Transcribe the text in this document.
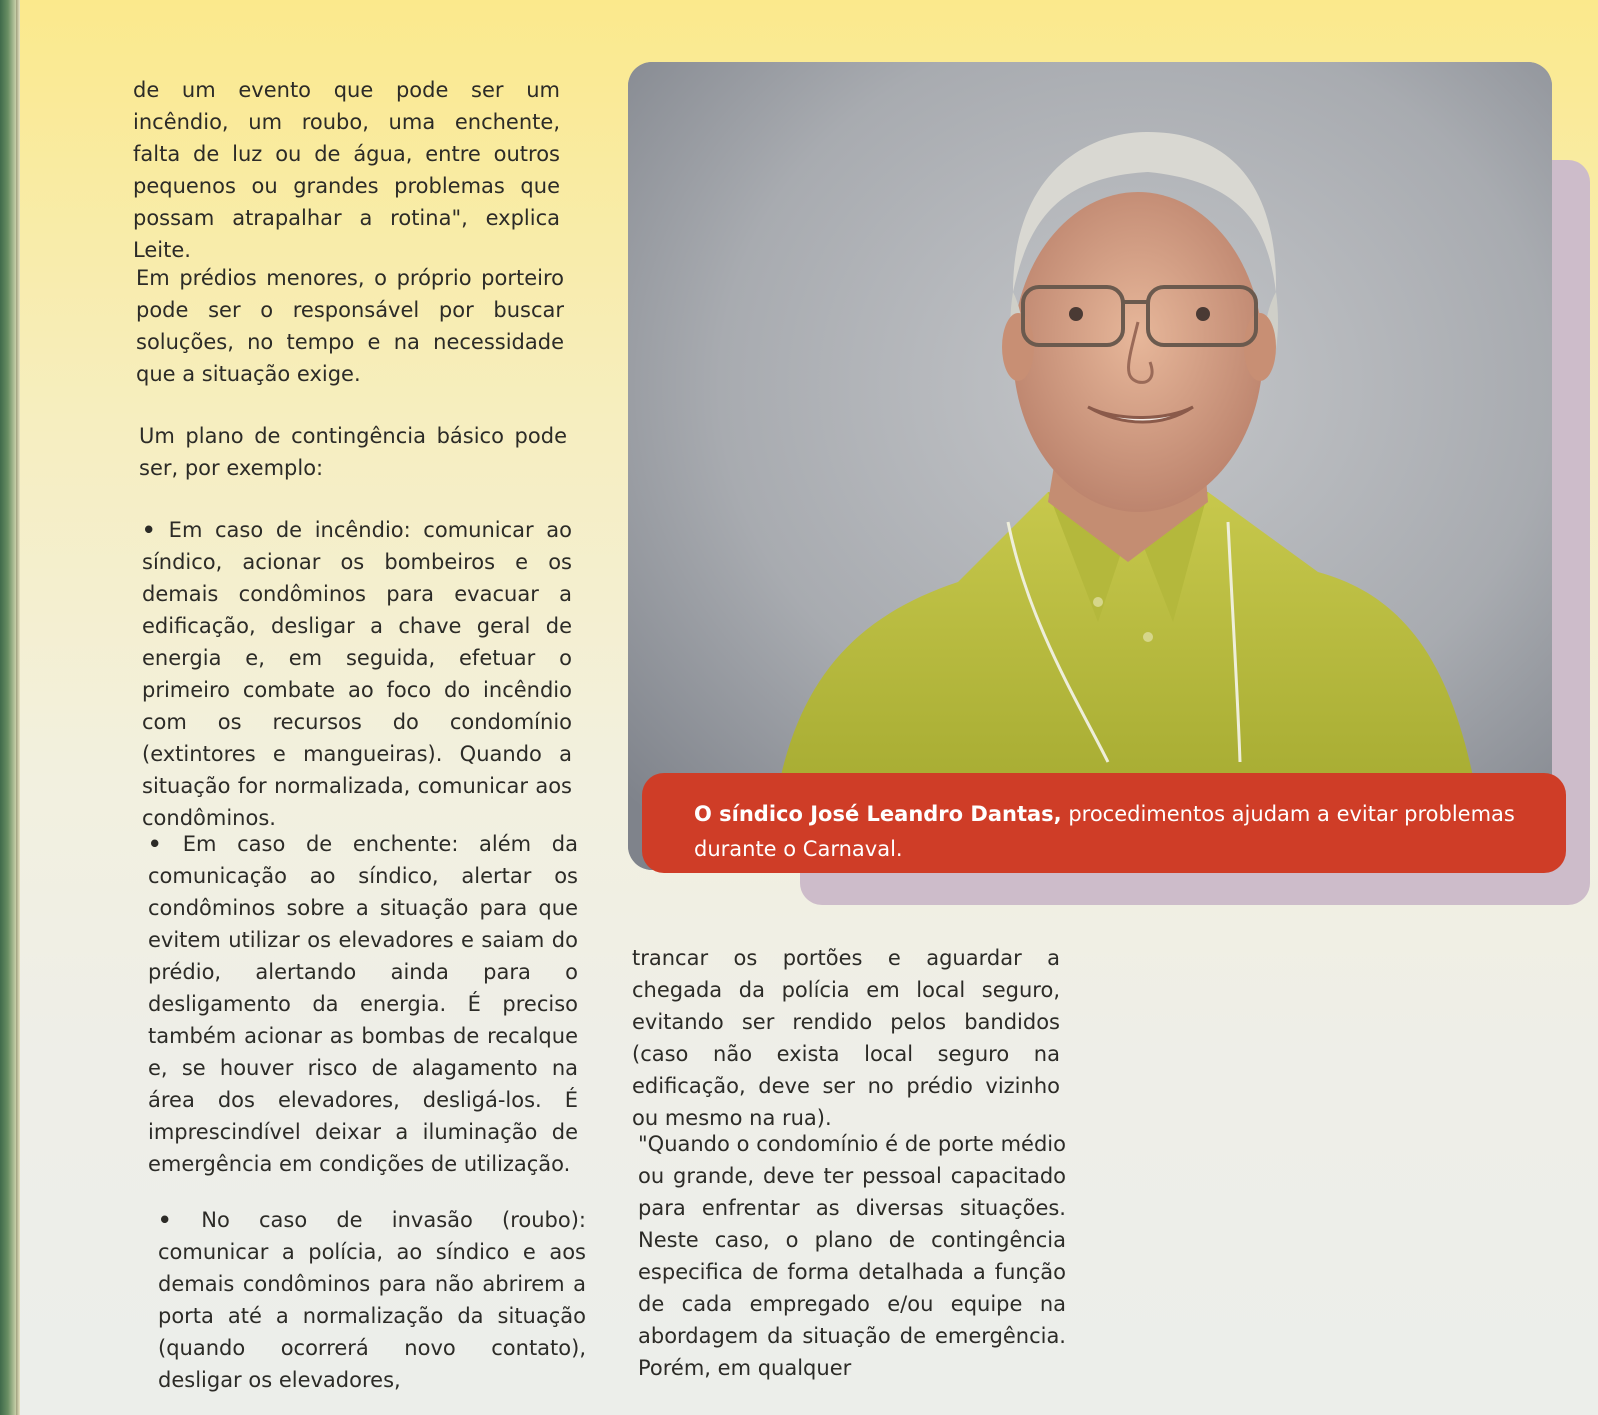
de um evento que pode ser um incêndio, um roubo, uma enchente, falta de luz ou de água, entre outros pequenos ou grandes problemas que possam atrapalhar a rotina", explica Leite.

Em prédios menores, o próprio porteiro pode ser o responsável por buscar soluções, no tempo e na necessidade que a situação exige.

Um plano de contingência básico pode ser, por exemplo:

• Em caso de incêndio: comunicar ao síndico, acionar os bombeiros e os demais condôminos para evacuar a edificação, desligar a chave geral de energia e, em seguida, efetuar o primeiro combate ao foco do incêndio com os recursos do condomínio (extintores e mangueiras). Quando a situação for normalizada, comunicar aos condôminos.

• Em caso de enchente: além da comunicação ao síndico, alertar os condôminos sobre a situação para que evitem utilizar os elevadores e saiam do prédio, alertando ainda para o desligamento da energia. É preciso também acionar as bombas de recalque e, se houver risco de alagamento na área dos elevadores, desligá-los. É imprescindível deixar a iluminação de emergência em condições de utilização.

• No caso de invasão (roubo): comunicar a polícia, ao síndico e aos demais condôminos para não abrirem a porta até a normalização da situação (quando ocorrerá novo contato), desligar os elevadores,

O síndico José Leandro Dantas, procedimentos ajudam a evitar problemas durante o Carnaval.

trancar os portões e aguardar a chegada da polícia em local seguro, evitando ser rendido pelos bandidos (caso não exista local seguro na edificação, deve ser no prédio vizinho ou mesmo na rua).

"Quando o condomínio é de porte médio ou grande, deve ter pessoal capacitado para enfrentar as diversas situações. Neste caso, o plano de contingência especifica de forma detalhada a função de cada empregado e/ou equipe na abordagem da situação de emergência. Porém, em qualquer
